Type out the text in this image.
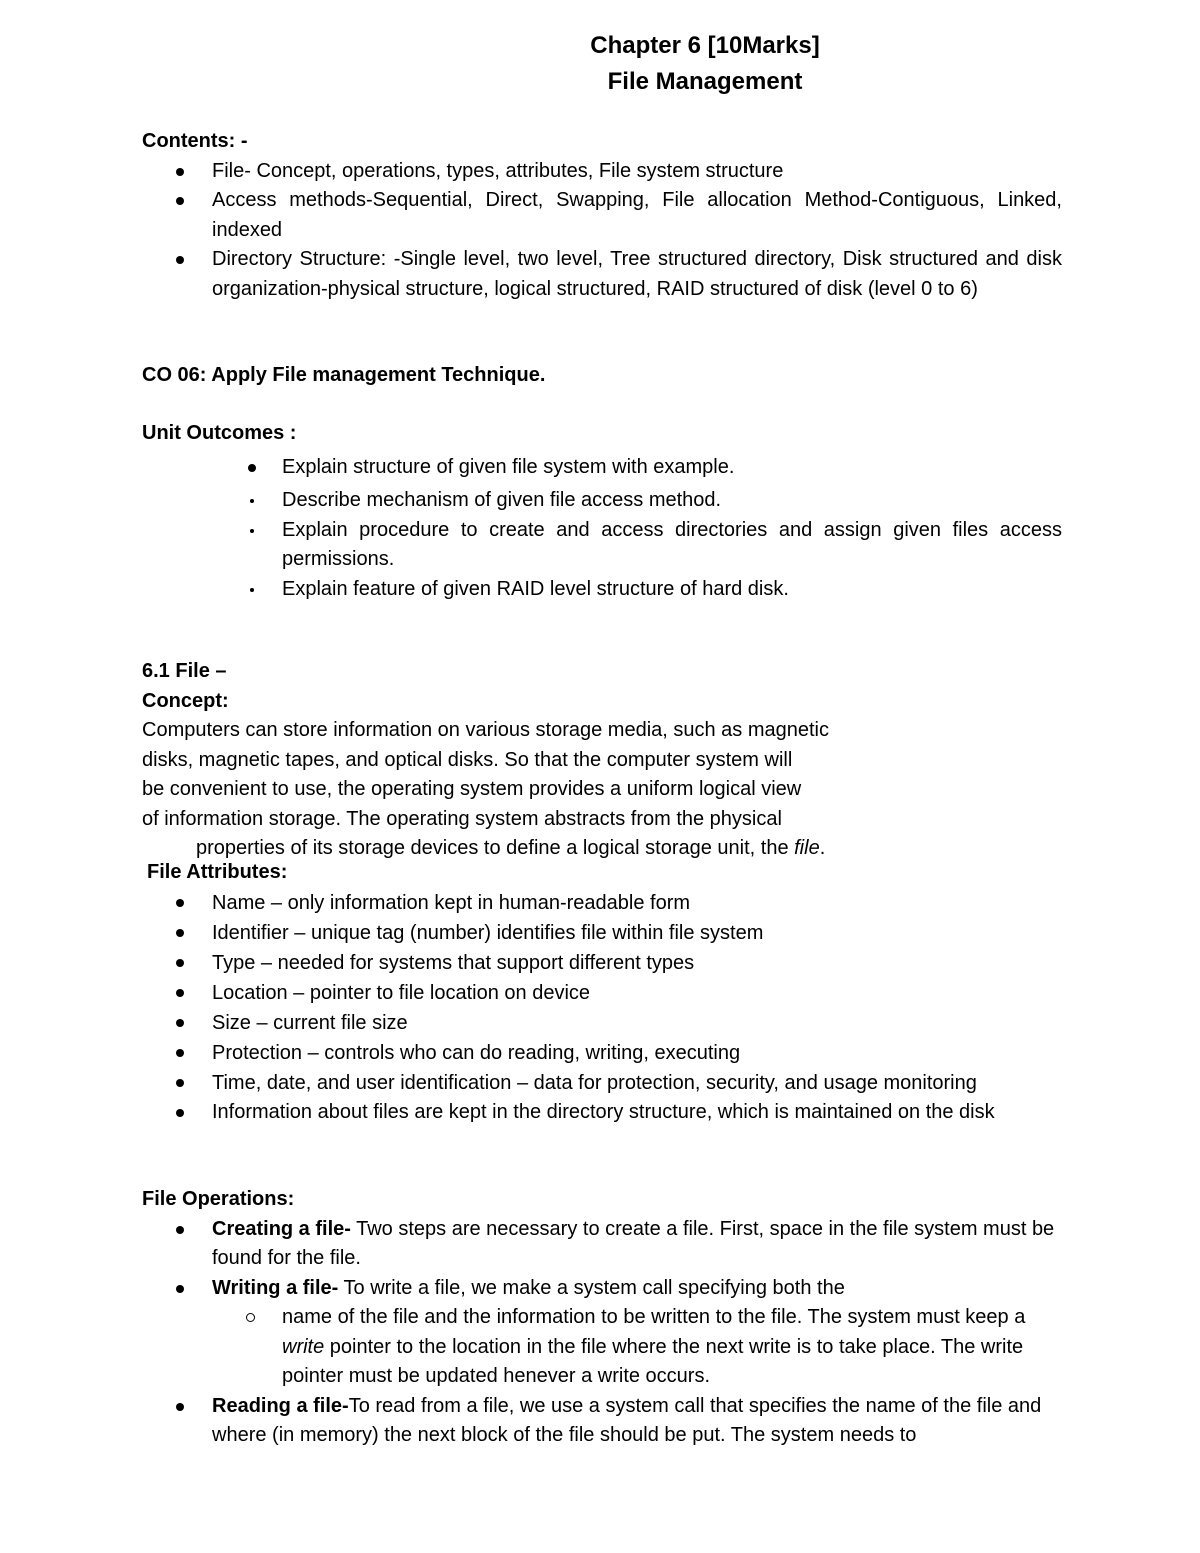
Chapter 6 [10Marks]
File Management
Contents: -
File- Concept, operations, types, attributes, File system structure
Access methods-Sequential, Direct, Swapping, File allocation Method-Contiguous, Linked, indexed
Directory Structure: -Single level, two level, Tree structured directory, Disk structured and disk organization-physical structure, logical structured, RAID structured of disk (level 0 to 6)
CO 06: Apply File management Technique.
Unit Outcomes :
Explain structure of given file system with example.
Describe mechanism of given file access method.
Explain procedure to create and access directories and assign given files access permissions.
Explain feature of given RAID level structure of hard disk.
6.1 File –
Concept:
Computers can store information on various storage media, such as magnetic
disks, magnetic tapes, and optical disks. So that the computer system will
be convenient to use, the operating system provides a uniform logical view
of information storage. The operating system abstracts from the physical
properties of its storage devices to define a logical storage unit, the file.
File Attributes:
Name – only information kept in human-readable form
Identifier – unique tag (number) identifies file within file system
Type – needed for systems that support different types
Location – pointer to file location on device
Size – current file size
Protection – controls who can do reading, writing, executing
Time, date, and user identification – data for protection, security, and usage monitoring
Information about files are kept in the directory structure, which is maintained on the disk
File Operations:
Creating a file- Two steps are necessary to create a file. First, space in the file system must be found for the file.
Writing a file- To write a file, we make a system call specifying both the
name of the file and the information to be written to the file. The system must keep a write pointer to the location in the file where the next write is to take place. The write pointer must be updated henever a write occurs.
Reading a file-To read from a file, we use a system call that specifies the name of the file and where (in memory) the next block of the file should be put. The system needs to
